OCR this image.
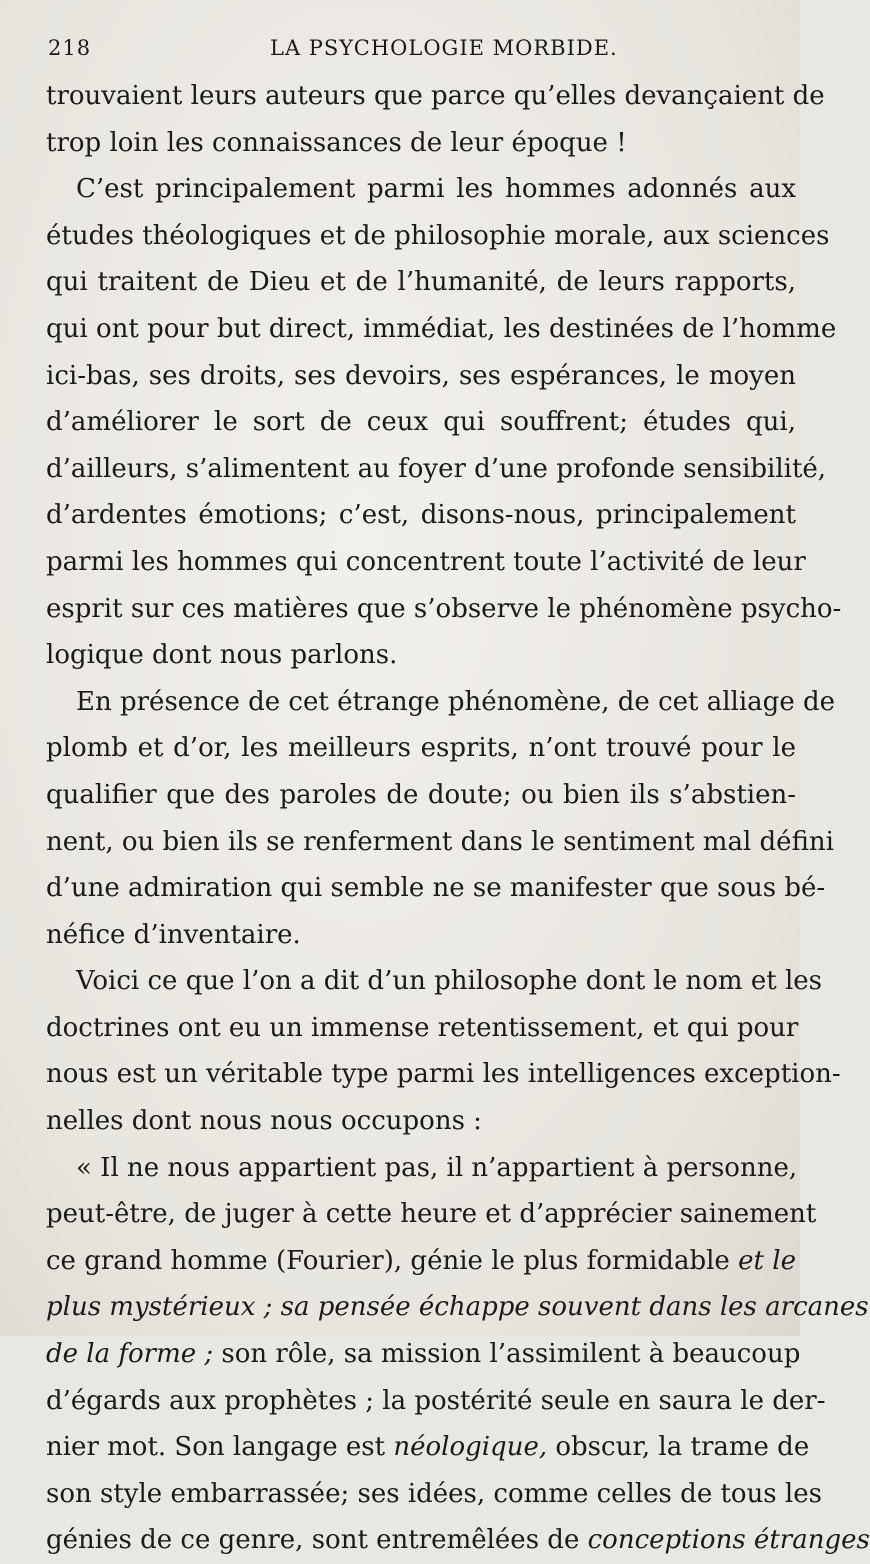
218	LA PSYCHOLOGIE MORBIDE.
trouvaient leurs auteurs que parce qu’elles devançaient de
trop loin les connaissances de leur époque !
C’est principalement parmi les hommes adonnés aux
études théologiques et de philosophie morale, aux sciences
qui traitent de Dieu et de l’humanité, de leurs rapports,
qui ont pour but direct, immédiat, les destinées de l’homme
ici-bas, ses droits, ses devoirs, ses espérances, le moyen
d’améliorer le sort de ceux qui souffrent; études qui,
d’ailleurs, s’alimentent au foyer d’une profonde sensibilité,
d’ardentes émotions; c’est, disons-nous, principalement
parmi les hommes qui concentrent toute l’activité de leur
esprit sur ces matières que s’observe le phénomène psycho-
logique dont nous parlons.
En présence de cet étrange phénomène, de cet alliage de
plomb et d’or, les meilleurs esprits, n’ont trouvé pour le
qualifier que des paroles de doute; ou bien ils s’abstien-
nent, ou bien ils se renferment dans le sentiment mal défini
d’une admiration qui semble ne se manifester que sous bé-
néfice d’inventaire.
Voici ce que l’on a dit d’un philosophe dont le nom et les
doctrines ont eu un immense retentissement, et qui pour
nous est un véritable type parmi les intelligences exception-
nelles dont nous nous occupons :
« Il ne nous appartient pas, il n’appartient à personne,
peut-être, de juger à cette heure et d’apprécier sainement
ce grand homme (Fourier), génie le plus formidable et le
plus mystérieux ; sa pensée échappe souvent dans les arcanes
de la forme ; son rôle, sa mission l’assimilent à beaucoup
d’égards aux prophètes ; la postérité seule en saura le der-
nier mot. Son langage est néologique, obscur, la trame de
son style embarrassée; ses idées, comme celles de tous les
génies de ce genre, sont entremêlées de conceptions étranges
